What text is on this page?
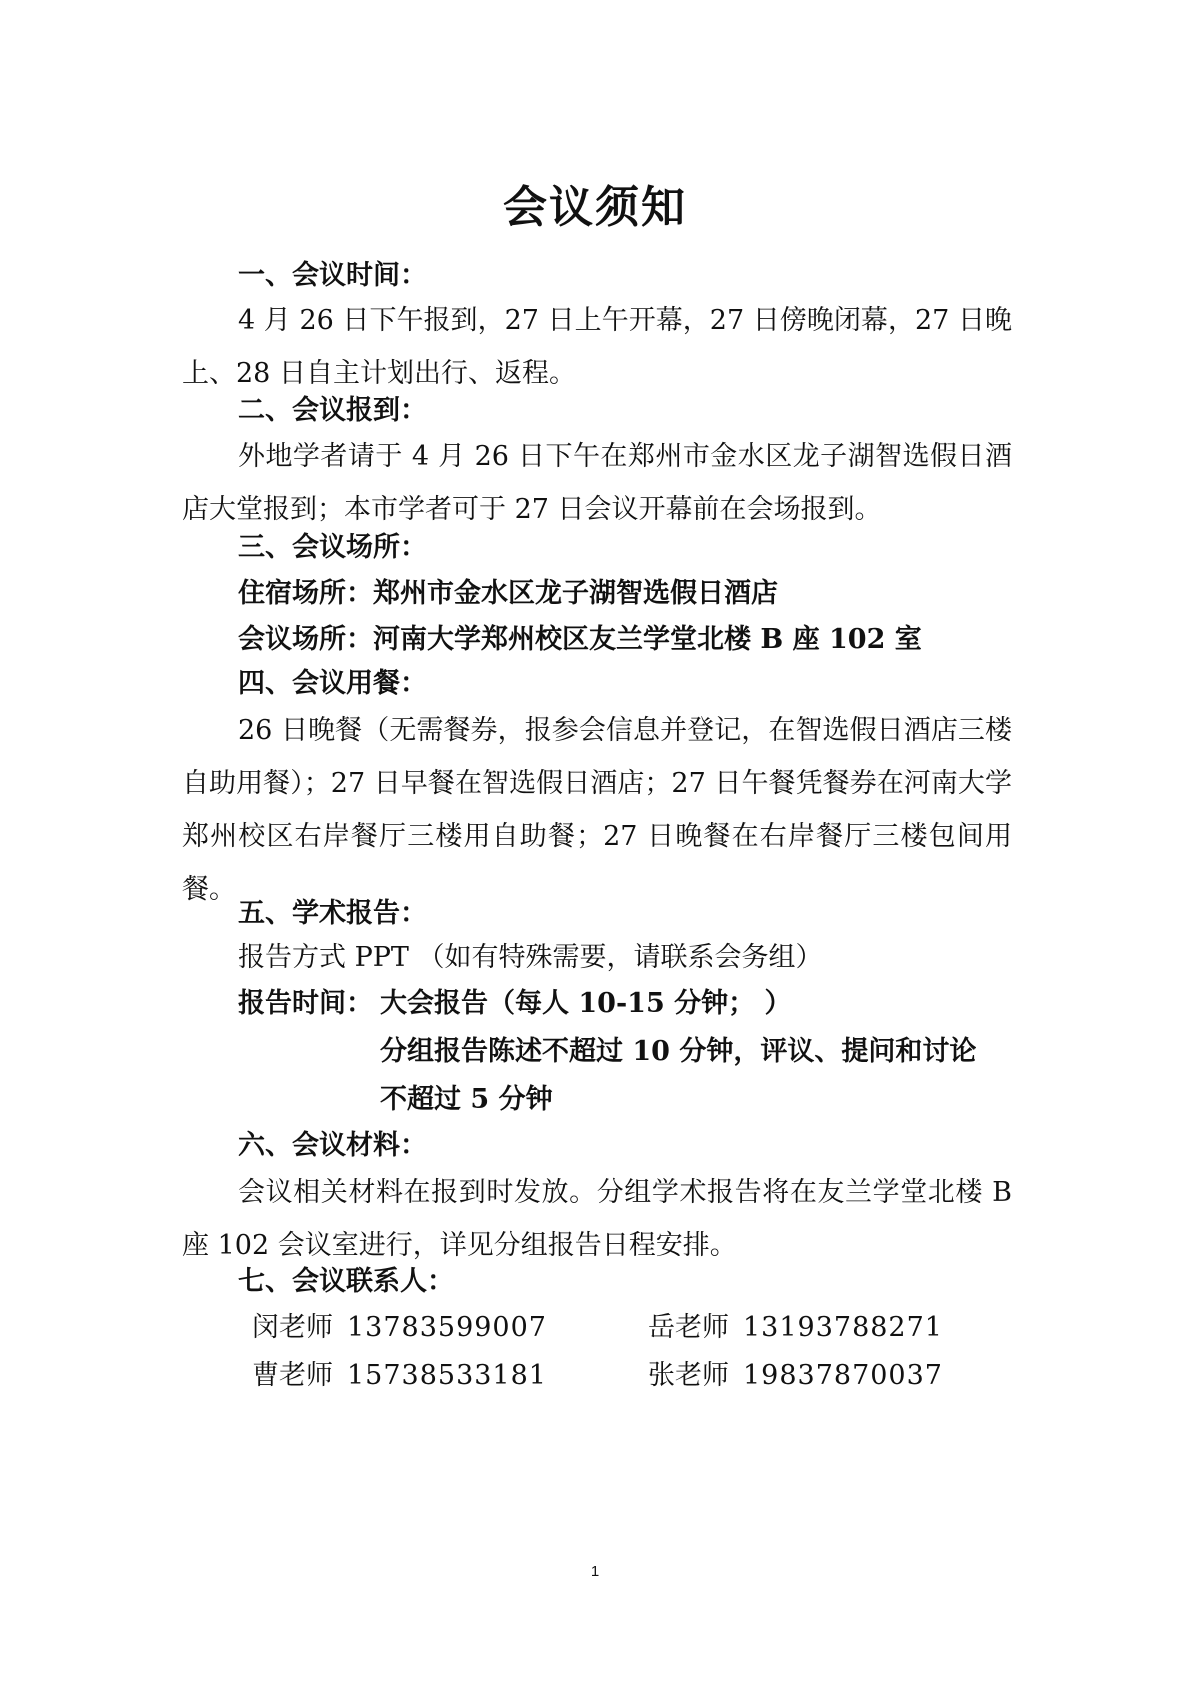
会议须知
一、会议时间：
4 月 26 日下午报到，27 日上午开幕，27 日傍晚闭幕，27 日晚上、28 日自主计划出行、返程。
二、会议报到：
外地学者请于 4 月 26 日下午在郑州市金水区龙子湖智选假日酒店大堂报到；本市学者可于 27 日会议开幕前在会场报到。
三、会议场所：
住宿场所：郑州市金水区龙子湖智选假日酒店
会议场所：河南大学郑州校区友兰学堂北楼 B 座 102 室
四、会议用餐：
26 日晚餐（无需餐券，报参会信息并登记，在智选假日酒店三楼自助用餐）；27 日早餐在智选假日酒店；27 日午餐凭餐券在河南大学郑州校区右岸餐厅三楼用自助餐；27 日晚餐在右岸餐厅三楼包间用餐。
五、学术报告：
报告方式 PPT （如有特殊需要，请联系会务组）
报告时间： 大会报告（每人 10-15 分钟； ）
分组报告陈述不超过 10 分钟，评议、提问和讨论
不超过 5 分钟
六、会议材料：
会议相关材料在报到时发放。分组学术报告将在友兰学堂北楼 B 座 102 会议室进行，详见分组报告日程安排。
七、会议联系人：
闵老师 13783599007	岳老师 13193788271
曹老师 15738533181	张老师 19837870037
1
